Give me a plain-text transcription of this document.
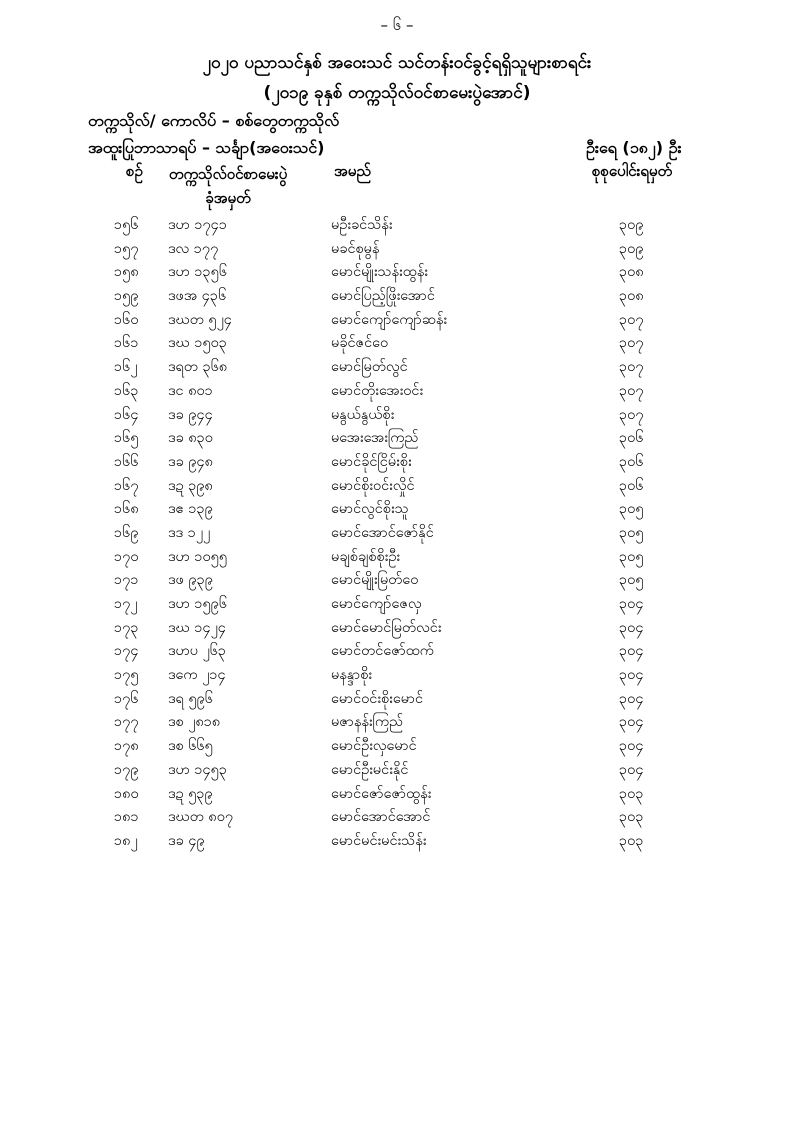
– ၆ –
၂၀၂၀ ပညာသင်နှစ် အဝေးသင် သင်တန်းဝင်ခွင့်ရရှိသူများစာရင်း
(၂၀၁၉ ခုနှစ် တက္ကသိုလ်ဝင်စာမေးပွဲအောင်)
တက္ကသိုလ်/ ကောလိပ် – စစ်တွေတက္ကသိုလ်
အထူးပြုဘာသာရပ် – သင်္ချာ(အဝေးသင်)	ဦးရေ (၁၈၂) ဦး
စဉ်	တက္ကသိုလ်ဝင်စာမေးပွဲ
ခုံအမှတ်
အမည်	စုစုပေါင်းရမှတ်
၁၅၆ ဒဟ ၁၇၄၁	မဦးခင်သိန်း	၃၀၉
၁၅၇ ဒလ ၁၇၇	မခင်စုမွန်	၃၀၉
၁၅၈ ဒဟ ၁၃၅၆	မောင်မျိုးသန်းထွန်း	၃၀၈
၁၅၉ ဒဖအ ၄၃၆	မောင်ပြည့်ဖြိုးအောင်	၃၀၈
၁၆၀ ဒဃတ ၅၂၄	မောင်ကျော်ကျော်ဆန်း	၃၀၇
၁၆၁ ဒဃ ၁၅၀၃	မခိုင်ဇင်ဝေ	၃၀၇
၁၆၂ ဒရတ ၃၆၈	မောင်မြတ်လွင်	၃၀၇
၁၆၃ ဒင ၈၀၁	မောင်တိုးအေးဝင်း	၃၀၇
၁၆၄ ဒခ ၉၄၄	မနွယ်နွယ်စိုး	၃၀၇
၁၆၅ ဒခ ၈၃၀	မအေးအေးကြည်	၃၀၆
၁၆၆ ဒခ ၉၄၈	မောင်ခိုင်ငြိမ်းစိုး	၃၀၆
၁၆၇ ဒဍ ၃၉၈	မောင်စိုးဝင်းလှိုင်	၃၀၆
၁၆၈ ဒဧ ၁၃၉	မောင်လွင်စိုးသူ	၃၀၅
၁၆၉ ဒဒ ၁၂၂	မောင်အောင်ဇော်နိုင်	၃၀၅
၁၇၀ ဒဟ ၁၀၅၅	မချစ်ချစ်စိုးဦး	၃၀၅
၁၇၁ ဒဖ ၉၃၉	မောင်မျိုးမြတ်ဝေ	၃၀၅
၁၇၂ ဒဟ ၁၅၉၆	မောင်ကျော်ဇေလှ	၃၀၄
၁၇၃ ဒဃ ၁၄၂၄	မောင်မောင်မြတ်လင်း	၃၀၄
၁၇၄ ဒဟပ ၂၆၃	မောင်တင်ဇော်ထက်	၃၀၄
၁၇၅ ဒကေ ၂၁၄	မနန္ဒာစိုး	၃၀၄
၁၇၆ ဒရ ၅၉၆	မောင်ဝင်းစိုးမောင်	၃၀၄
၁၇၇ ဒစ ၂၈၁၈	မဇာနန်းကြည်	၃၀၄
၁၇၈ ဒစ ၆၆၅	မောင်ဦးလှမောင်	၃၀၄
၁၇၉ ဒဟ ၁၄၅၃	မောင်ဦးမင်းနိုင်	၃၀၄
၁၈၀ ဒဍ ၅၃၉	မောင်ဇော်ဇော်ထွန်း	၃၀၃
၁၈၁ ဒဃတ ၈၀၇	မောင်အောင်အောင်	၃၀၃
၁၈၂ ဒခ ၄၉	မောင်မင်းမင်းသိန်း	၃၀၃
